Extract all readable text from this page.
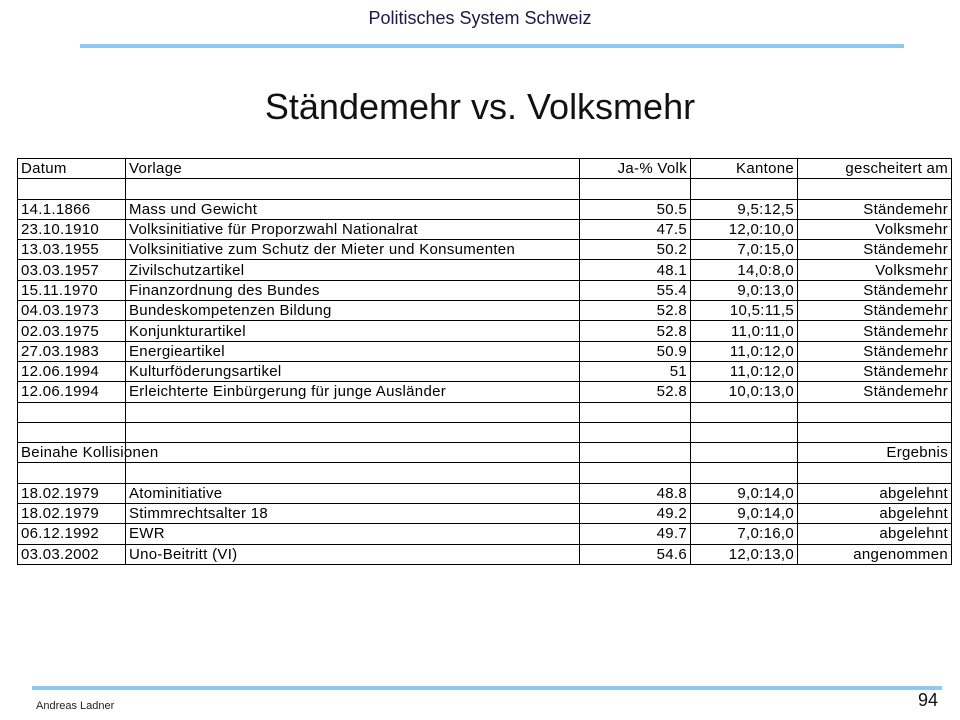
Politisches System Schweiz
Ständemehr vs. Volksmehr
Datum	Vorlage	Ja-% Volk	Kantone	gescheitert am

14.1.1866	Mass und Gewicht	50.5	9,5:12,5	Ständemehr
23.10.1910	Volksinitiative für Proporzwahl Nationalrat	47.5	12,0:10,0	Volksmehr
13.03.1955	Volksinitiative zum Schutz der Mieter und Konsumenten	50.2	7,0:15,0	Ständemehr
03.03.1957	Zivilschutzartikel	48.1	14,0:8,0	Volksmehr
15.11.1970	Finanzordnung des Bundes	55.4	9,0:13,0	Ständemehr
04.03.1973	Bundeskompetenzen Bildung	52.8	10,5:11,5	Ständemehr
02.03.1975	Konjunkturartikel	52.8	11,0:11,0	Ständemehr
27.03.1983	Energieartikel	50.9	11,0:12,0	Ständemehr
12.06.1994	Kulturföderungsartikel	51	11,0:12,0	Ständemehr
12.06.1994	Erleichterte Einbürgerung für junge Ausländer	52.8	10,0:13,0	Ständemehr

Beinahe Kollisionen				Ergebnis

18.02.1979	Atominitiative	48.8	9,0:14,0	abgelehnt
18.02.1979	Stimmrechtsalter 18	49.2	9,0:14,0	abgelehnt
06.12.1992	EWR	49.7	7,0:16,0	abgelehnt
03.03.2002	Uno-Beitritt (VI)	54.6	12,0:13,0	angenommen
Andreas Ladner	94
